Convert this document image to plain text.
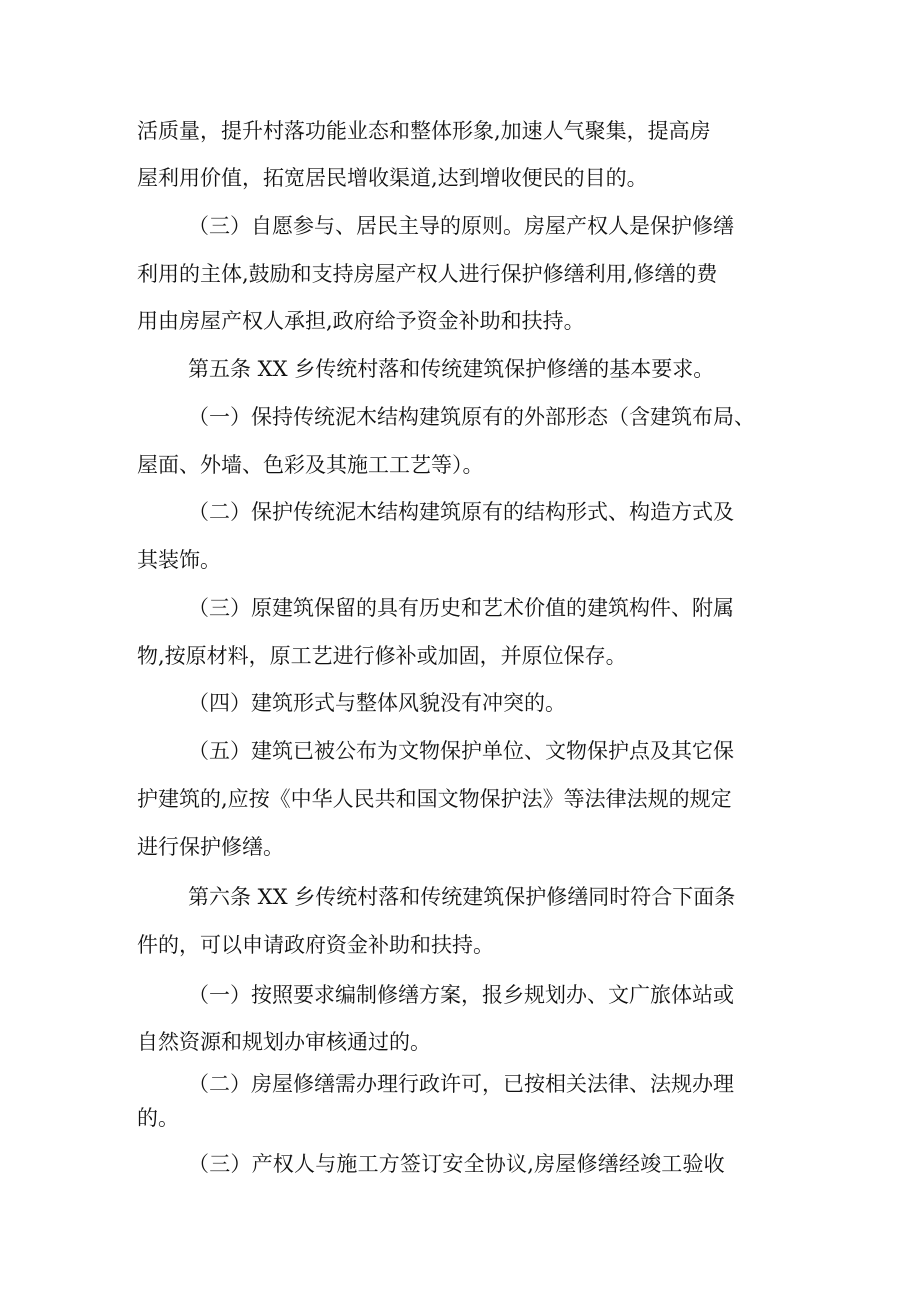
活质量，提升村落功能业态和整体形象,加速人气聚集，提高房
屋利用价值，拓宽居民增收渠道,达到增收便民的目的。
（三）自愿参与、居民主导的原则。房屋产权人是保护修缮
利用的主体,鼓励和支持房屋产权人进行保护修缮利用,修缮的费
用由房屋产权人承担,政府给予资金补助和扶持。
第五条 XX 乡传统村落和传统建筑保护修缮的基本要求。
（一）保持传统泥木结构建筑原有的外部形态（含建筑布局、
屋面、外墙、色彩及其施工工艺等）。
（二）保护传统泥木结构建筑原有的结构形式、构造方式及
其装饰。
（三）原建筑保留的具有历史和艺术价值的建筑构件、附属
物,按原材料，原工艺进行修补或加固，并原位保存。
（四）建筑形式与整体风貌没有冲突的。
（五）建筑已被公布为文物保护单位、文物保护点及其它保
护建筑的,应按《中华人民共和国文物保护法》等法律法规的规定
进行保护修缮。
第六条 XX 乡传统村落和传统建筑保护修缮同时符合下面条
件的，可以申请政府资金补助和扶持。
（一）按照要求编制修缮方案，报乡规划办、文广旅体站或
自然资源和规划办审核通过的。
（二）房屋修缮需办理行政许可，已按相关法律、法规办理
的。
（三）产权人与施工方签订安全协议,房屋修缮经竣工验收
